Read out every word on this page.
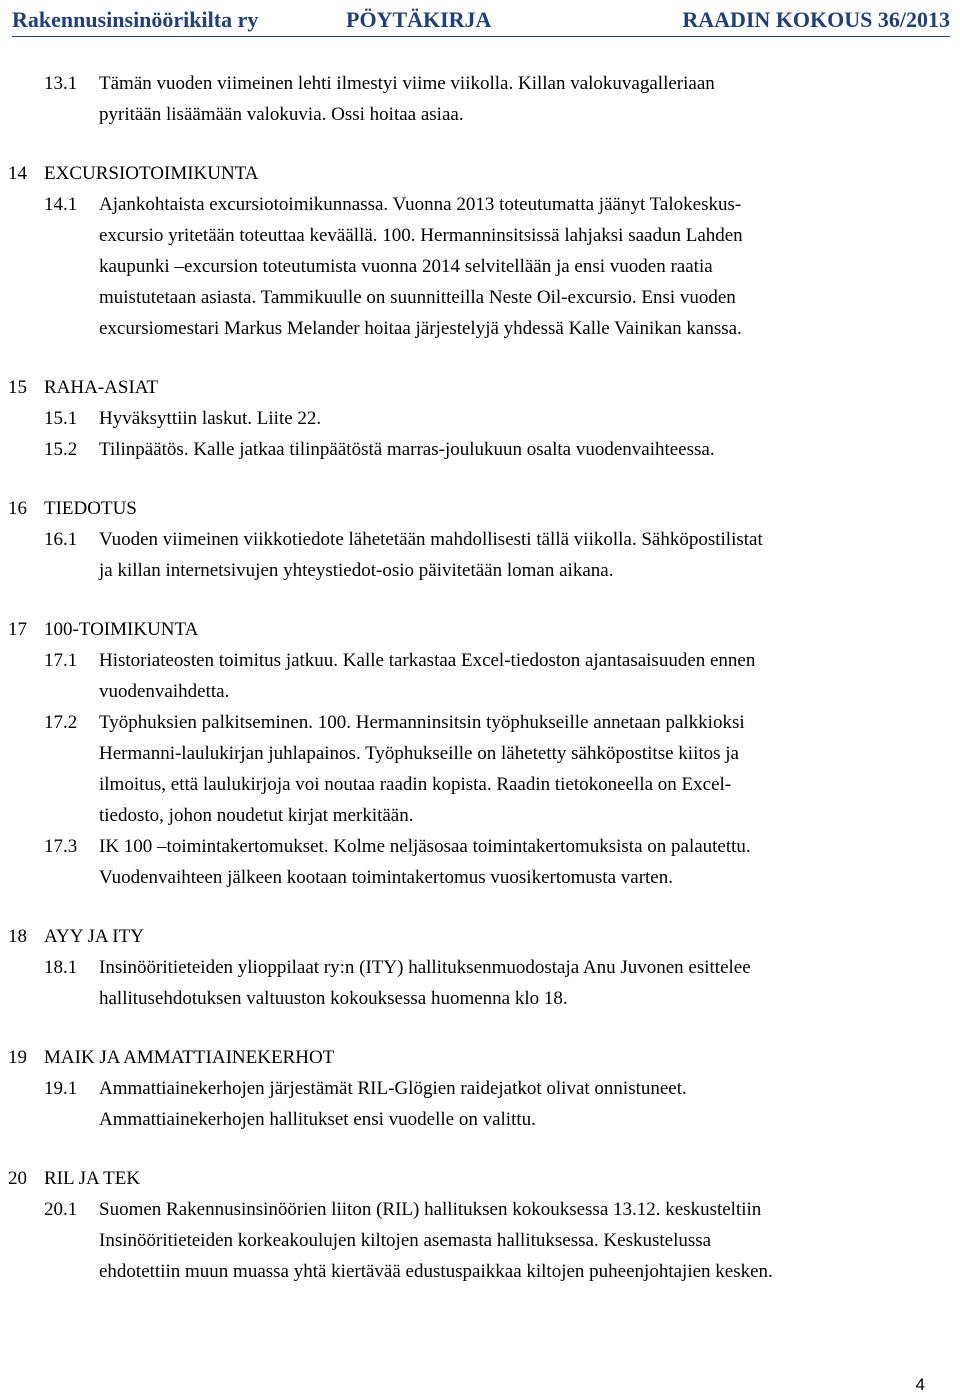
Rakennusinsinöörikilta ry	PÖYTÄKIRJA	RAADIN KOKOUS 36/2013
13.1	Tämän vuoden viimeinen lehti ilmestyi viime viikolla. Killan valokuvagalleriaan
pyritään lisäämään valokuvia. Ossi hoitaa asiaa.
14 EXCURSIOTOIMIKUNTA
14.1	Ajankohtaista excursiotoimikunnassa. Vuonna 2013 toteutumatta jäänyt Talokeskus-
excursio yritetään toteuttaa keväällä. 100. Hermanninsitsissä lahjaksi saadun Lahden
kaupunki –excursion toteutumista vuonna 2014 selvitellään ja ensi vuoden raatia
muistutetaan asiasta. Tammikuulle on suunnitteilla Neste Oil-excursio. Ensi vuoden
excursiomestari Markus Melander hoitaa järjestelyjä yhdessä Kalle Vainikan kanssa.
15 RAHA-ASIAT
15.1	Hyväksyttiin laskut. Liite 22.
15.2	Tilinpäätös. Kalle jatkaa tilinpäätöstä marras-joulukuun osalta vuodenvaihteessa.
16 TIEDOTUS
16.1	Vuoden viimeinen viikkotiedote lähetetään mahdollisesti tällä viikolla. Sähköpostilistat
ja killan internetsivujen yhteystiedot-osio päivitetään loman aikana.
17 100-TOIMIKUNTA
17.1	Historiateosten toimitus jatkuu. Kalle tarkastaa Excel-tiedoston ajantasaisuuden ennen
vuodenvaihdetta.
17.2	Työphuksien palkitseminen. 100. Hermanninsitsin työphukseille annetaan palkkioksi
Hermanni-laulukirjan juhlapainos. Työphukseille on lähetetty sähköpostitse kiitos ja
ilmoitus, että laulukirjoja voi noutaa raadin kopista. Raadin tietokoneella on Excel-
tiedosto, johon noudetut kirjat merkitään.
17.3	IK 100 –toimintakertomukset. Kolme neljäsosaa toimintakertomuksista on palautettu.
Vuodenvaihteen jälkeen kootaan toimintakertomus vuosikertomusta varten.
18 AYY JA ITY
18.1	Insinööritieteiden ylioppilaat ry:n (ITY) hallituksenmuodostaja Anu Juvonen esittelee
hallitusehdotuksen valtuuston kokouksessa huomenna klo 18.
19 MAIK JA AMMATTIAINEKERHOT
19.1	Ammattiainekerhojen järjestämät RIL-Glögien raidejatkot olivat onnistuneet.
Ammattiainekerhojen hallitukset ensi vuodelle on valittu.
20 RIL JA TEK
20.1	Suomen Rakennusinsinöörien liiton (RIL) hallituksen kokouksessa 13.12. keskusteltiin
Insinööritieteiden korkeakoulujen kiltojen asemasta hallituksessa. Keskustelussa
ehdotettiin muun muassa yhtä kiertävää edustuspaikkaa kiltojen puheenjohtajien kesken.
4
